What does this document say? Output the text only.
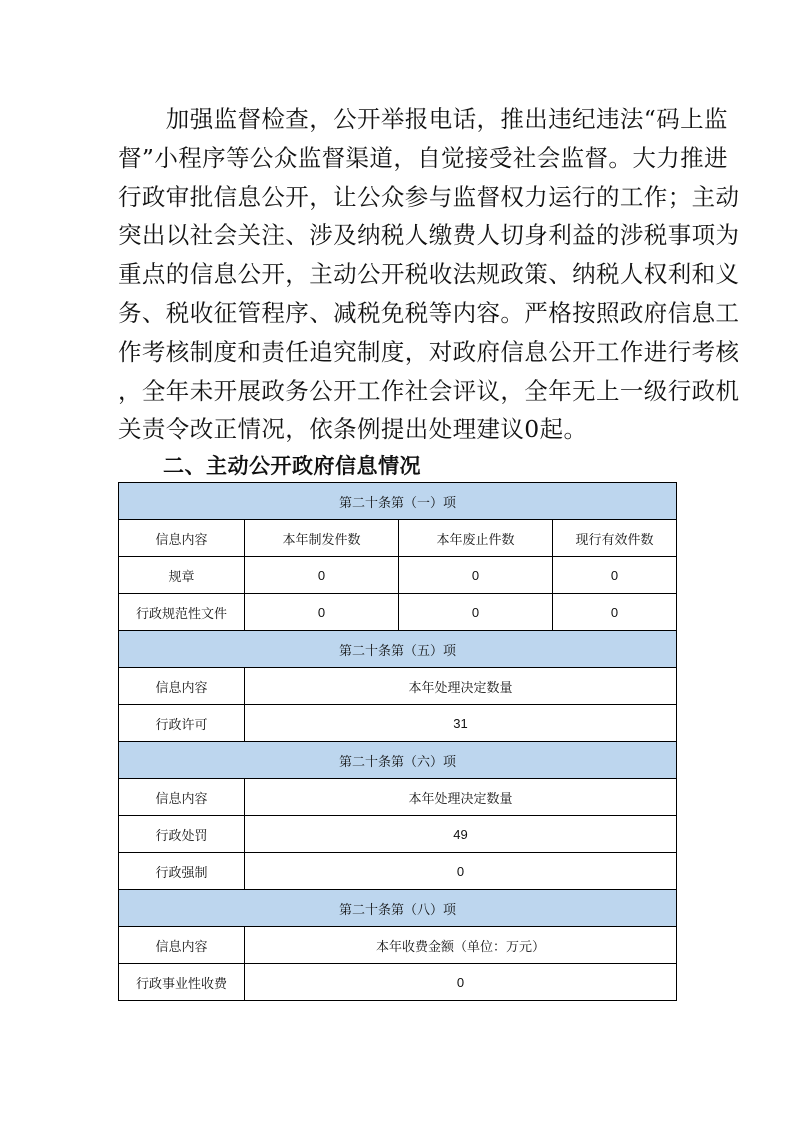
　　加强监督检查，公开举报电话，推出违纪违法“码上监
督”小程序等公众监督渠道，自觉接受社会监督。大力推进
行政审批信息公开，让公众参与监督权力运行的工作；主动
突出以社会关注、涉及纳税人缴费人切身利益的涉税事项为
重点的信息公开，主动公开税收法规政策、纳税人权利和义
务、税收征管程序、减税免税等内容。严格按照政府信息工
作考核制度和责任追究制度，对政府信息公开工作进行考核
，全年未开展政务公开工作社会评议，全年无上一级行政机
关责令改正情况，依条例提出处理建议0起。
二、主动公开政府信息情况
第二十条第（一）项			
信息内容	本年制发件数	本年废止件数	现行有效件数
规章	0	0	0
行政规范性文件	0	0	0
第二十条第（五）项			
信息内容	本年处理决定数量		
行政许可	31		
第二十条第（六）项			
信息内容	本年处理决定数量		
行政处罚	49		
行政强制	0		
第二十条第（八）项			
信息内容	本年收费金额（单位：万元）		
行政事业性收费	0		
